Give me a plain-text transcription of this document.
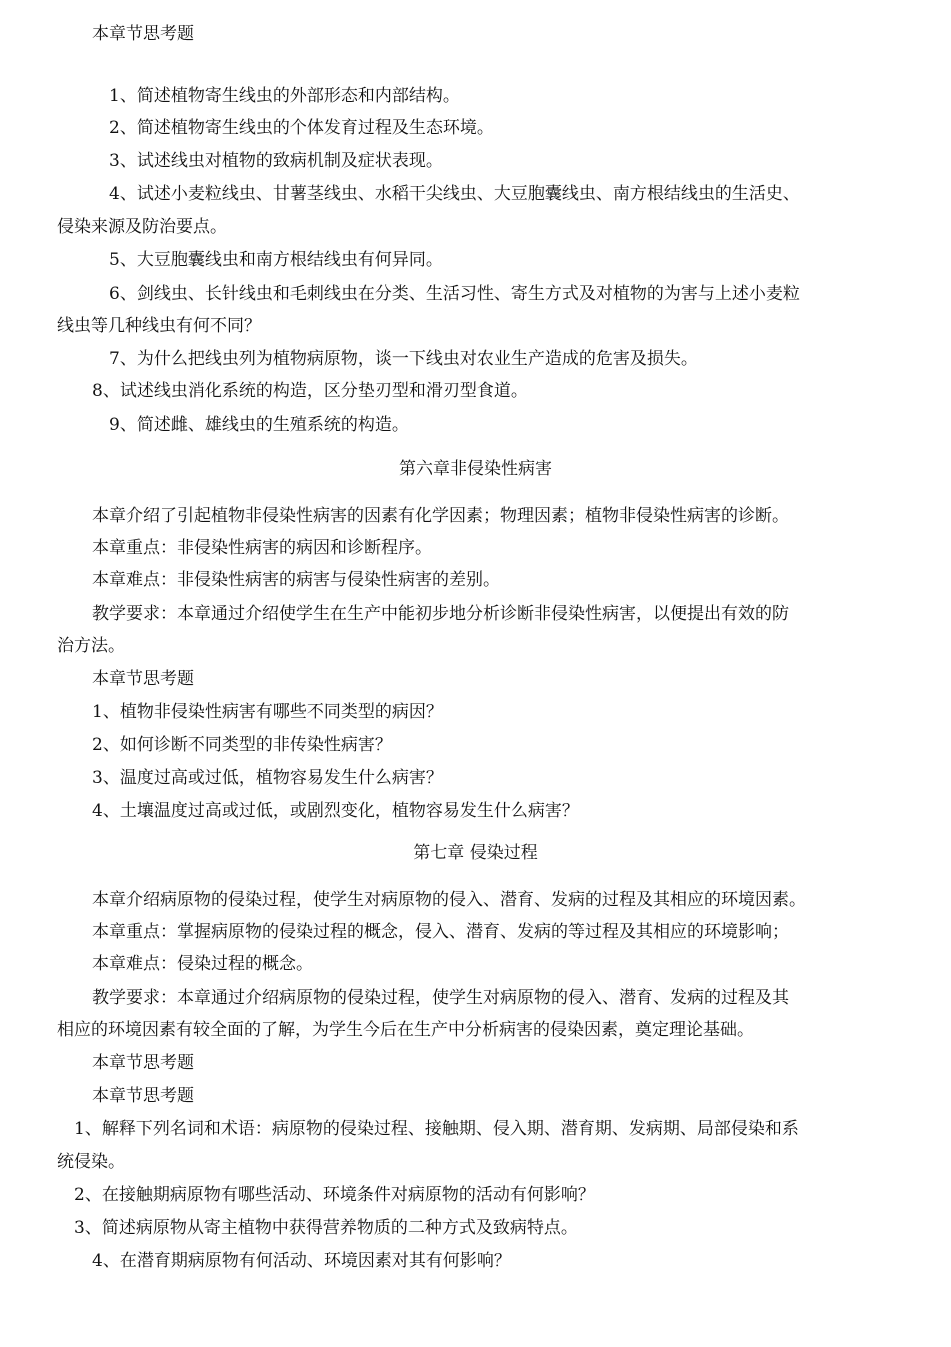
本章节思考题
1、简述植物寄生线虫的外部形态和内部结构。
2、简述植物寄生线虫的个体发育过程及生态环境。
3、试述线虫对植物的致病机制及症状表现。
4、试述小麦粒线虫、甘薯茎线虫、水稻干尖线虫、大豆胞囊线虫、南方根结线虫的生活史、
侵染来源及防治要点。
5、大豆胞囊线虫和南方根结线虫有何异同。
6、剑线虫、长针线虫和毛刺线虫在分类、生活习性、寄生方式及对植物的为害与上述小麦粒
线虫等几种线虫有何不同？
7、为什么把线虫列为植物病原物，谈一下线虫对农业生产造成的危害及损失。
8、试述线虫消化系统的构造，区分垫刃型和滑刃型食道。
9、简述雌、雄线虫的生殖系统的构造。
第六章非侵染性病害
本章介绍了引起植物非侵染性病害的因素有化学因素；物理因素；植物非侵染性病害的诊断。
本章重点：非侵染性病害的病因和诊断程序。
本章难点：非侵染性病害的病害与侵染性病害的差别。
教学要求：本章通过介绍使学生在生产中能初步地分析诊断非侵染性病害，以便提出有效的防
治方法。
本章节思考题
1、植物非侵染性病害有哪些不同类型的病因？
2、如何诊断不同类型的非传染性病害？
3、温度过高或过低，植物容易发生什么病害？
4、土壤温度过高或过低，或剧烈变化，植物容易发生什么病害？
第七章 侵染过程
本章介绍病原物的侵染过程，使学生对病原物的侵入、潜育、发病的过程及其相应的环境因素。
本章重点：掌握病原物的侵染过程的概念，侵入、潜育、发病的等过程及其相应的环境影响；
本章难点：侵染过程的概念。
教学要求：本章通过介绍病原物的侵染过程，使学生对病原物的侵入、潜育、发病的过程及其
相应的环境因素有较全面的了解，为学生今后在生产中分析病害的侵染因素，奠定理论基础。
本章节思考题
本章节思考题
1、解释下列名词和术语：病原物的侵染过程、接触期、侵入期、潜育期、发病期、局部侵染和系
统侵染。
2、在接触期病原物有哪些活动、环境条件对病原物的活动有何影响？
3、简述病原物从寄主植物中获得营养物质的二种方式及致病特点。
4、在潜育期病原物有何活动、环境因素对其有何影响？
